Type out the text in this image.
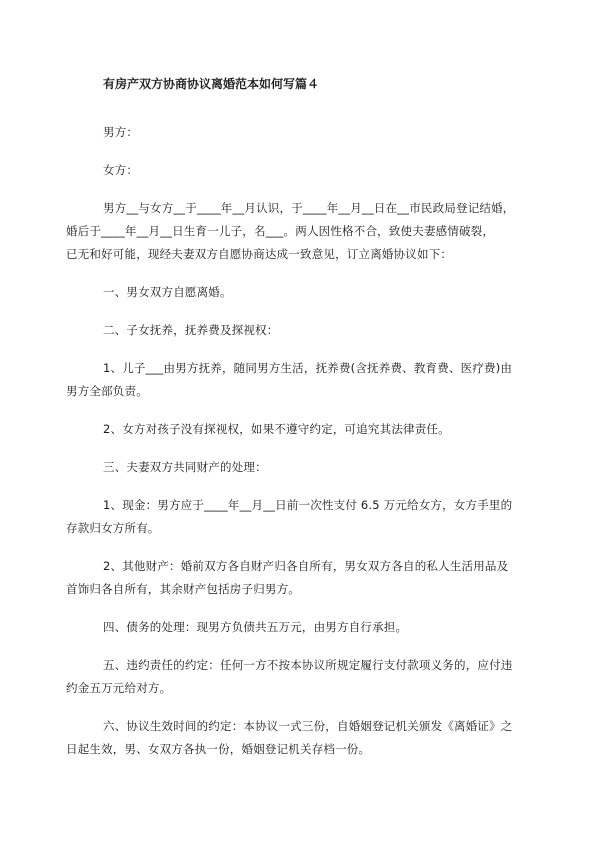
有房产双方协商协议离婚范本如何写篇４
男方：
女方：
男方__与女方__于____年__月认识，于____年__月__日在__市民政局登记结婚，
婚后于____年__月__日生育一儿子，名___。两人因性格不合，致使夫妻感情破裂，
已无和好可能，现经夫妻双方自愿协商达成一致意见，订立离婚协议如下：
一、男女双方自愿离婚。
二、子女抚养，抚养费及探视权：
1、儿子___由男方抚养，随同男方生活，抚养费(含抚养费、教育费、医疗费)由
男方全部负责。
2、女方对孩子没有探视权，如果不遵守约定，可追究其法律责任。
三、夫妻双方共同财产的处理：
1、现金：男方应于____年__月__日前一次性支付 6.5 万元给女方，女方手里的
存款归女方所有。
2、其他财产：婚前双方各自财产归各自所有，男女双方各自的私人生活用品及
首饰归各自所有，其余财产包括房子归男方。
四、债务的处理：现男方负债共五万元，由男方自行承担。
五、违约责任的约定：任何一方不按本协议所规定履行支付款项义务的，应付违
约金五万元给对方。
六、协议生效时间的约定：本协议一式三份，自婚姻登记机关颁发《离婚证》之
日起生效，男、女双方各执一份，婚姻登记机关存档一份。
